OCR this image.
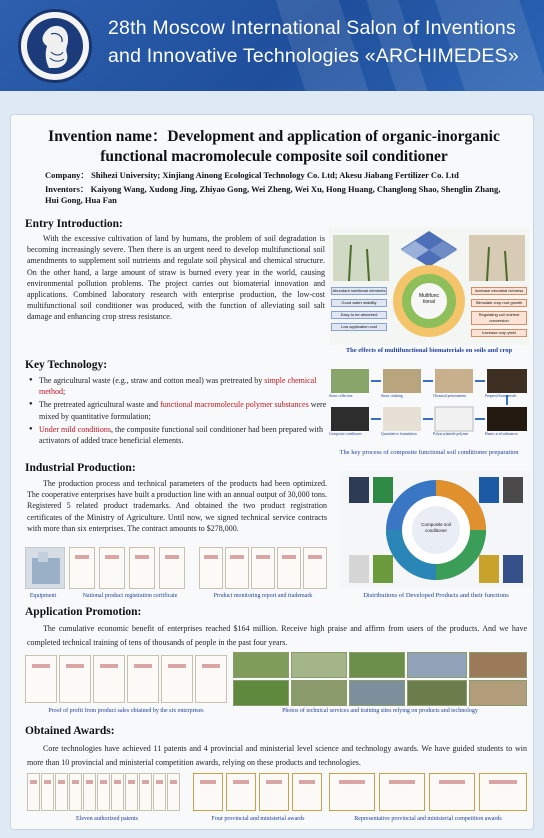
28th Moscow International Salon of Inventions and Innovative Technologies «ARCHIMEDES»
Invention name：Development and application of organic-inorganic functional macromolecule composite soil conditioner
Company： Shihezi University; Xinjiang Ainong Ecological Technology Co. Ltd; Akesu Jiabang Fertilizer Co. Ltd
Inventors： Kaiyong Wang, Xudong Jing, Zhiyao Gong, Wei Zheng, Wei Xu, Hong Huang, Changlong Shao, Shenglin Zhang, Hui Gong, Hua Fan
Entry Introduction:
With the excessive cultivation of land by humans, the problem of soil degradation is becoming increasingly severe. Then there is an urgent need to develop multifunctional soil amendments to supplement soil nutrients and regulate soil physical and chemical structure. On the other hand, a large amount of straw is burned every year in the world, causing environmental pollution problems. The project carries out biomaterial innovation and applications. Combined laboratory research with enterprise production, the low-cost multifunctional soil conditioner was produced, with the function of alleviating soil salt damage and enhancing crop stress resistance.
Multifunc tional
Abundant nutritional elements
Good water stability
Easy to be absorbed
Low application cost
Increase microbial richness
Stimulate crop root growth
Regulating soil nutrient conversion
Increase crop yield
The effects of multifunctional biomaterials on soils and crop
Key Technology:
● The agricultural waste (e.g., straw and cotton meal) was pretreated by simple chemical method;
● The pretreated agricultural waste and functional macromolecule polymer substances were mixed by quantitative formulation;
● Under mild conditions, the composite functional soil conditioner had been prepared with activators of added trace beneficial elements.
Straw collection	Straw crushing	Chemical pretreatment	Prepared biomaterials
Composite conditioner	Quantitative formulation	Polyacrylamide polymer	Humic acid substances
The key process of composite functional soil conditioner preparation
Industrial Production:
The production process and technical parameters of the products had been optimized. The cooperative enterprises have built a production line with an annual output of 30,000 tons. Registered 5 related product trademarks. And obtained the two product registration certificates of the Ministry of Agriculture. Until now, we signed technical service contracts with more than six enterprises. The contract amounts to $278,000.
Equipment	National product registration certificate	Product monitoring report and trademark
Composite soil conditioner
Distributions of Developed Products and their functions
Application Promotion:
The cumulative economic benefit of enterprises reached $164 million. Receive high praise and affirm from users of the products. And we have completed technical training of tens of thousands of people in the past four years.
Proof of profit from product sales obtained by the six enterprises	Photos of technical services and training sites relying on products and technology
Obtained Awards:
Core technologies have achieved 11 patents and 4 provincial and ministerial level science and technology awards. We have guided students to win more than 10 provincial and ministerial competition awards, relying on these products and technologies.
Eleven authorized patents	Four provincial and ministerial awards	Representative provincial and ministerial competition awards
